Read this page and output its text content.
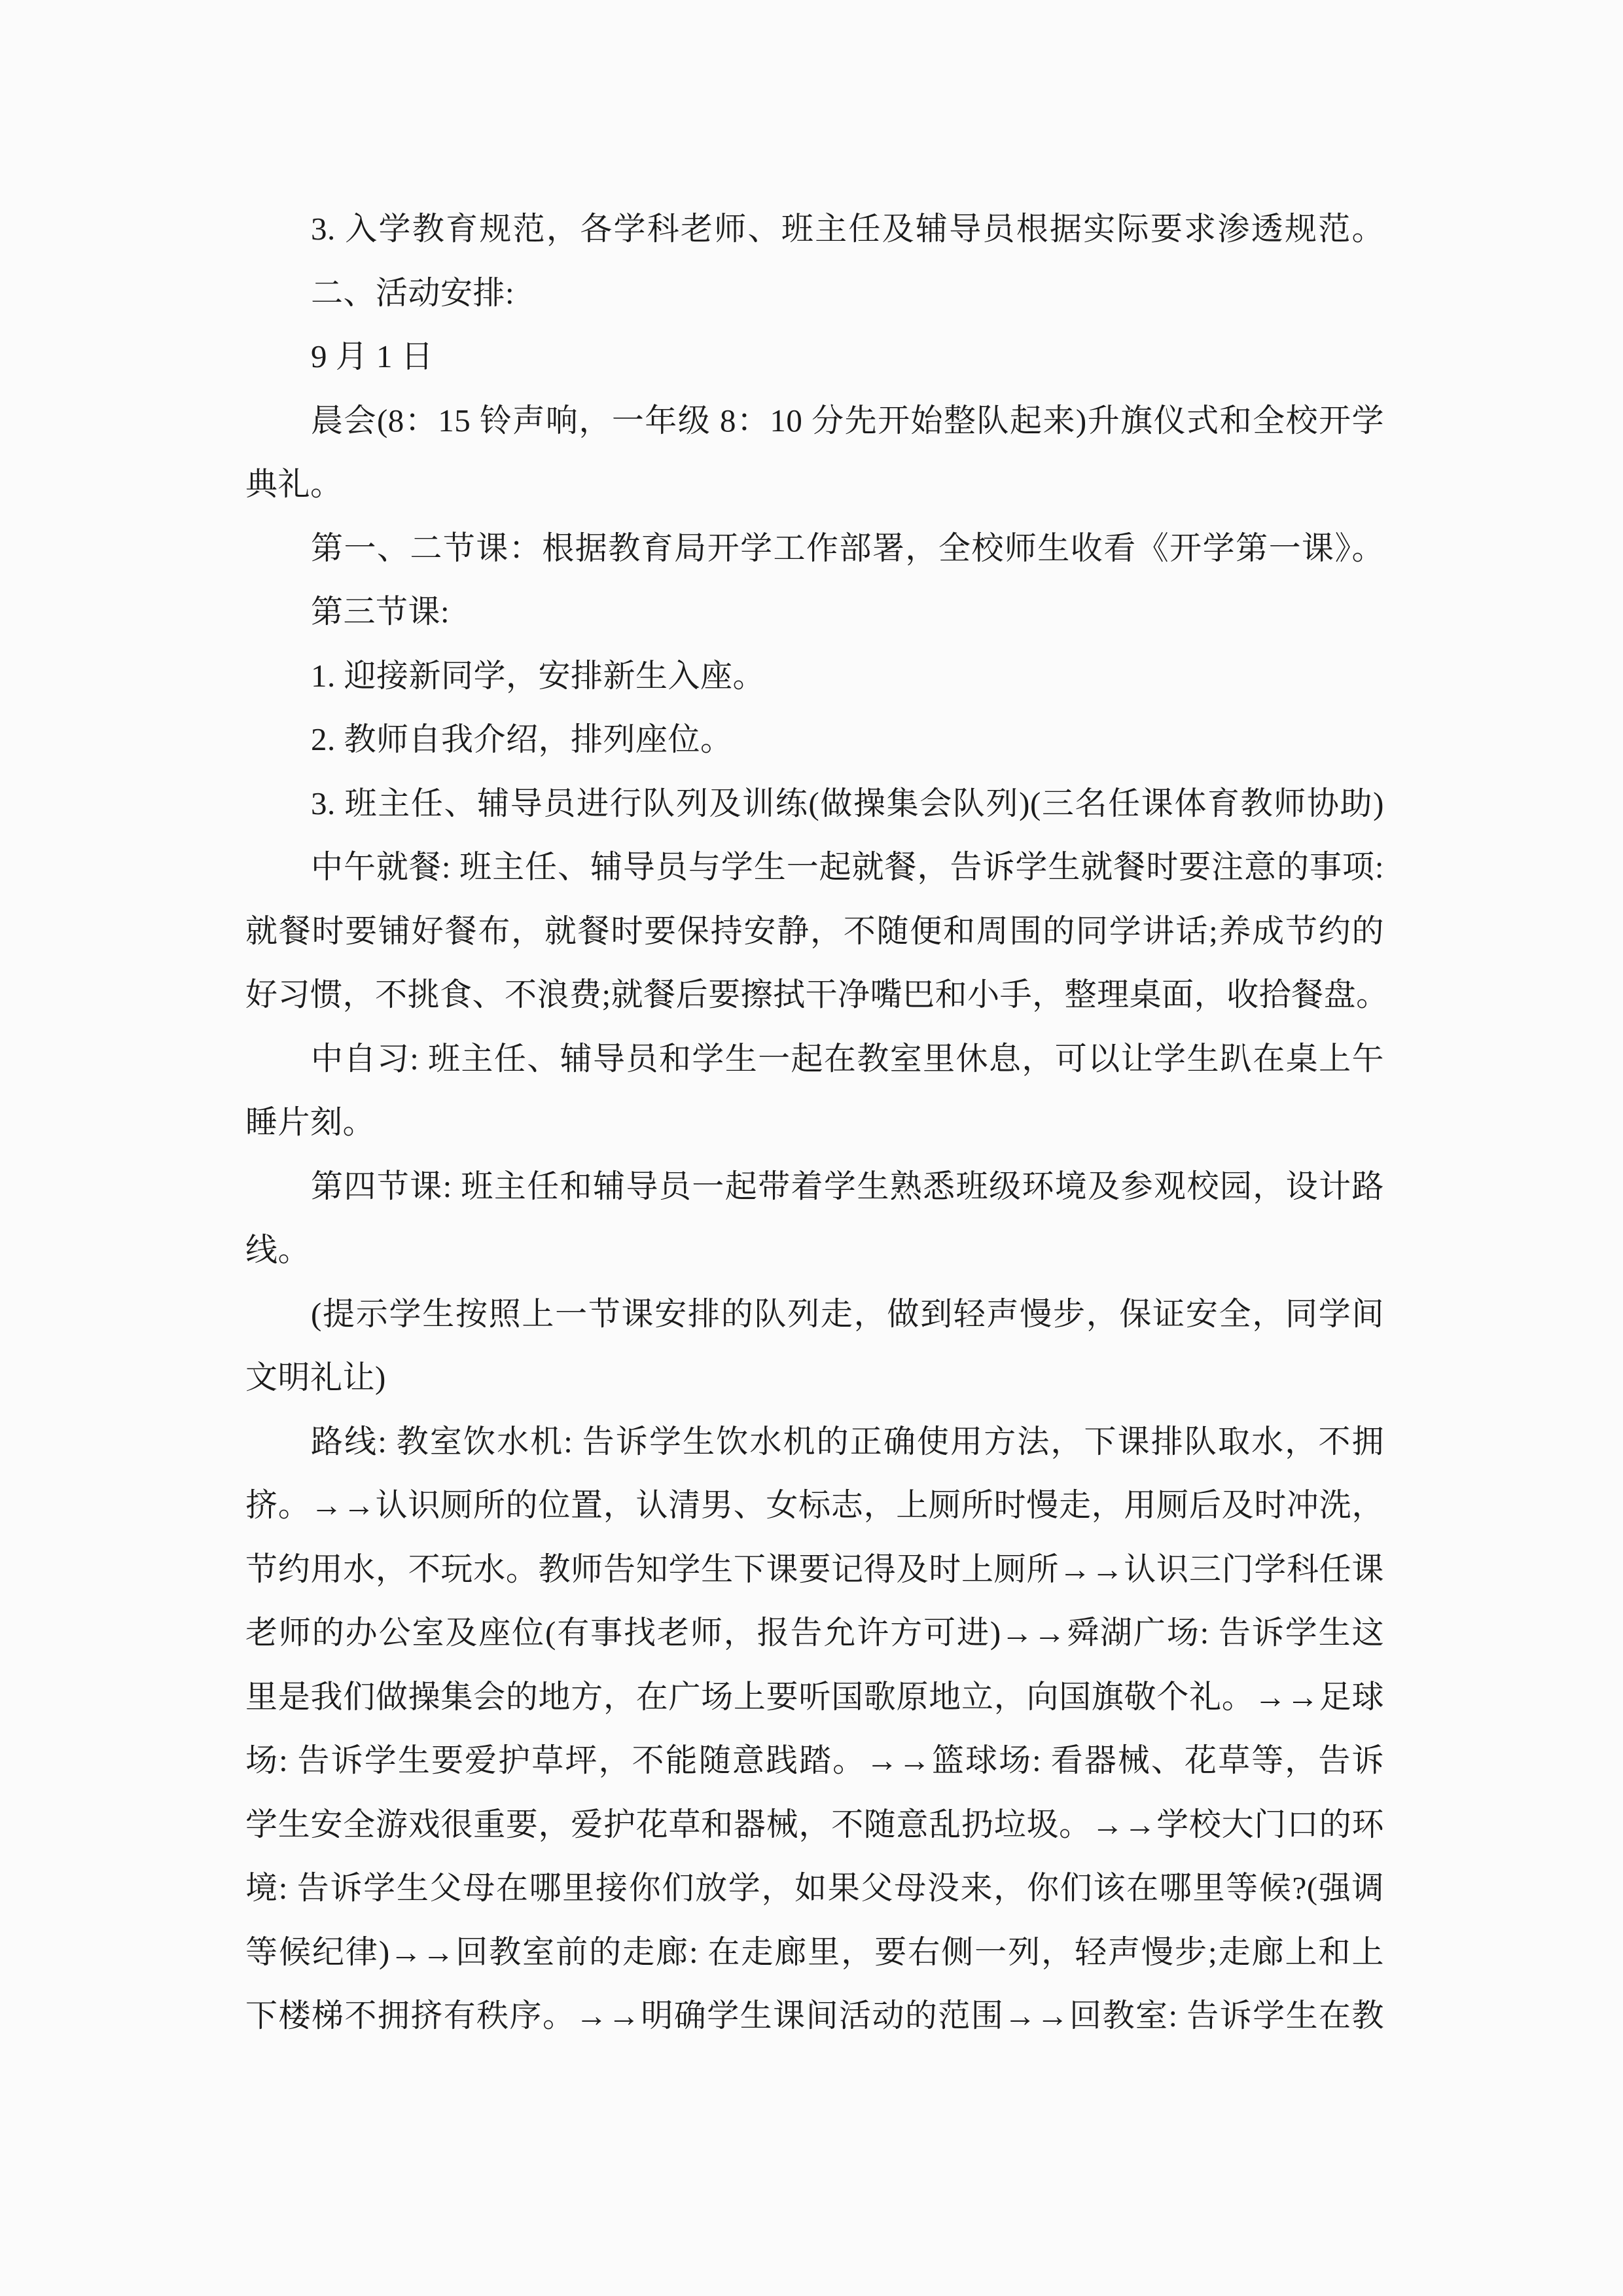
3. 入学教育规范，各学科老师、班主任及辅导员根据实际要求渗透规范。
二、活动安排:
9 月 1 日
晨会(8：15 铃声响，一年级 8：10 分先开始整队起来)升旗仪式和全校开学
典礼。
第一、二节课：根据教育局开学工作部署，全校师生收看《开学第一课》。
第三节课:
1. 迎接新同学，安排新生入座。
2. 教师自我介绍，排列座位。
3. 班主任、辅导员进行队列及训练(做操集会队列)(三名任课体育教师协助)
中午就餐: 班主任、辅导员与学生一起就餐，告诉学生就餐时要注意的事项:
就餐时要铺好餐布，就餐时要保持安静，不随便和周围的同学讲话;养成节约的
好习惯，不挑食、不浪费;就餐后要擦拭干净嘴巴和小手，整理桌面，收拾餐盘。
中自习: 班主任、辅导员和学生一起在教室里休息，可以让学生趴在桌上午
睡片刻。
第四节课: 班主任和辅导员一起带着学生熟悉班级环境及参观校园，设计路
线。
(提示学生按照上一节课安排的队列走，做到轻声慢步，保证安全，同学间
文明礼让)
路线: 教室饮水机: 告诉学生饮水机的正确使用方法，下课排队取水，不拥
挤。→→认识厕所的位置，认清男、女标志，上厕所时慢走，用厕后及时冲洗，
节约用水，不玩水。教师告知学生下课要记得及时上厕所→→认识三门学科任课
老师的办公室及座位(有事找老师，报告允许方可进)→→舜湖广场: 告诉学生这
里是我们做操集会的地方，在广场上要听国歌原地立，向国旗敬个礼。→→足球
场: 告诉学生要爱护草坪，不能随意践踏。→→篮球场: 看器械、花草等，告诉
学生安全游戏很重要，爱护花草和器械，不随意乱扔垃圾。→→学校大门口的环
境: 告诉学生父母在哪里接你们放学，如果父母没来，你们该在哪里等候?(强调
等候纪律)→→回教室前的走廊: 在走廊里，要右侧一列，轻声慢步;走廊上和上
下楼梯不拥挤有秩序。→→明确学生课间活动的范围→→回教室: 告诉学生在教
